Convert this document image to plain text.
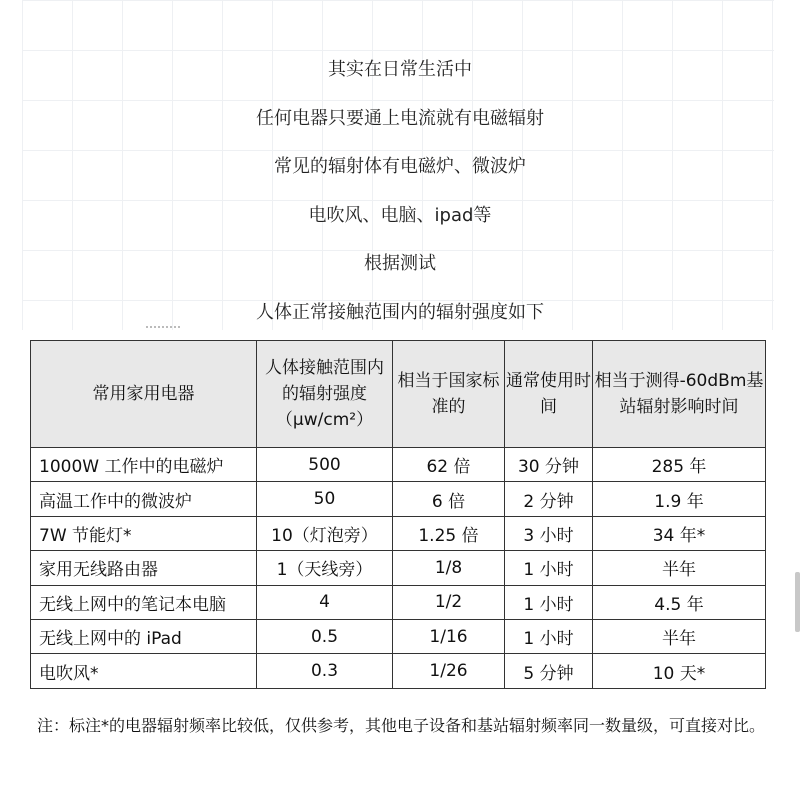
其实在日常生活中
任何电器只要通上电流就有电磁辐射
常见的辐射体有电磁炉、微波炉
电吹风、电脑、ipad等
根据测试
人体正常接触范围内的辐射强度如下
常用家用电器	人体接触范围内的辐射强度（μw/cm²）	相当于国家标准的	通常使用时间	相当于测得-60dBm基站辐射影响时间
1000W 工作中的电磁炉	500	62 倍	30 分钟	285 年
高温工作中的微波炉	50	6 倍	2 分钟	1.9 年
7W 节能灯*	10（灯泡旁）	1.25 倍	3 小时	34 年*
家用无线路由器	1（天线旁）	1/8	1 小时	半年
无线上网中的笔记本电脑	4	1/2	1 小时	4.5 年
无线上网中的 iPad	0.5	1/16	1 小时	半年
电吹风*	0.3	1/26	5 分钟	10 天*

注：标注*的电器辐射频率比较低，仅供参考，其他电子设备和基站辐射频率同一数量级，可直接对比。
